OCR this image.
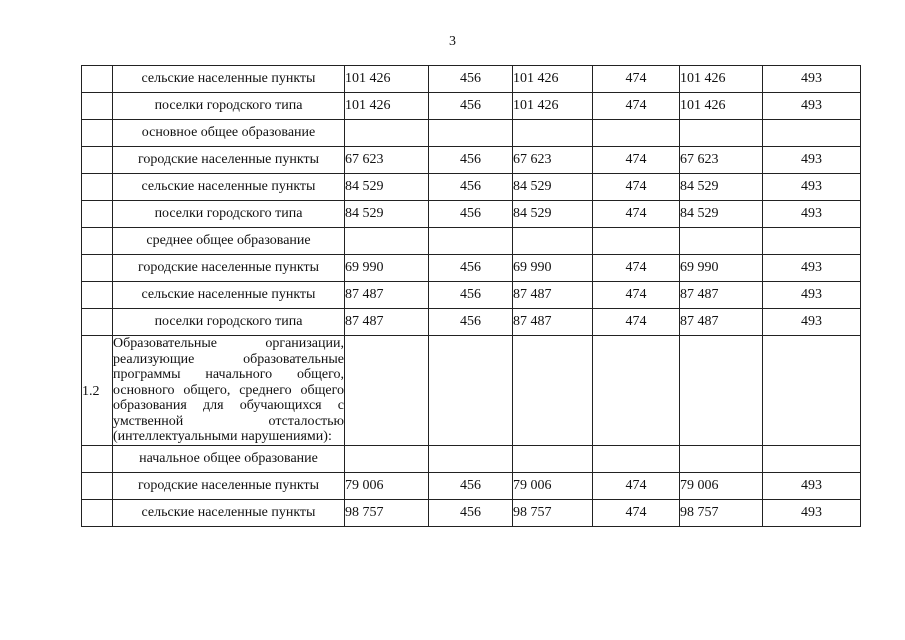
3
	сельские населенные пункты	101 426	456	101 426	474	101 426	493
	поселки городского типа	101 426	456	101 426	474	101 426	493
	основное общее образование						
	городские населенные пункты	67 623	456	67 623	474	67 623	493
	сельские населенные пункты	84 529	456	84 529	474	84 529	493
	поселки городского типа	84 529	456	84 529	474	84 529	493
	среднее общее образование						
	городские населенные пункты	69 990	456	69 990	474	69 990	493
	сельские населенные пункты	87 487	456	87 487	474	87 487	493
	поселки городского типа	87 487	456	87 487	474	87 487	493
1.2	Образовательные организации, реализующие образовательные программы начального общего, основного общего, среднего общего образования для обучающихся с умственной отсталостью (интеллектуальными нарушениями):						
	начальное общее образование						
	городские населенные пункты	79 006	456	79 006	474	79 006	493
	сельские населенные пункты	98 757	456	98 757	474	98 757	493
